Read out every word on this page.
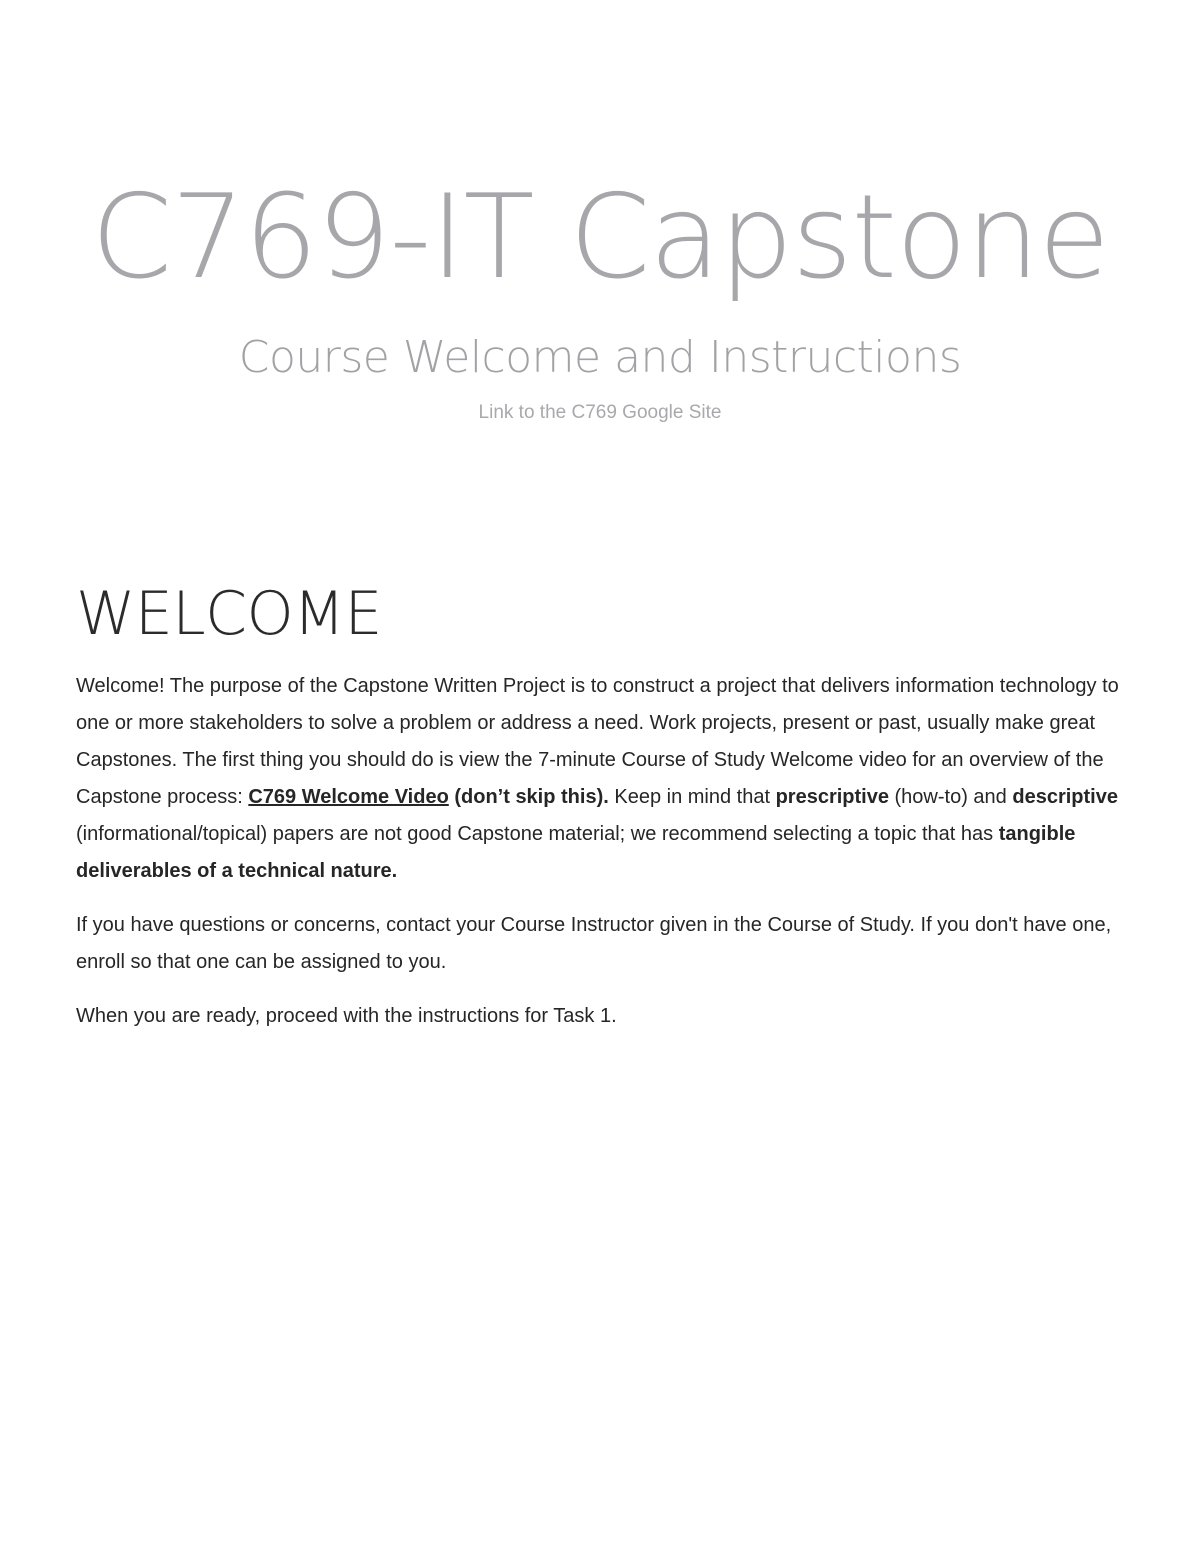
C769-IT Capstone
Course Welcome and Instructions
Link to the C769 Google Site
WELCOME

Welcome! The purpose of the Capstone Written Project is to construct a project that delivers information technology to one or more stakeholders to solve a problem or address a need. Work projects, present or past, usually make great Capstones. The first thing you should do is view the 7-minute Course of Study Welcome video for an overview of the Capstone process: C769 Welcome Video (don’t skip this). Keep in mind that prescriptive (how-to) and descriptive (informational/topical) papers are not good Capstone material; we recommend selecting a topic that has tangible deliverables of a technical nature.

If you have questions or concerns, contact your Course Instructor given in the Course of Study. If you don't have one, enroll so that one can be assigned to you.

When you are ready, proceed with the instructions for Task 1.
